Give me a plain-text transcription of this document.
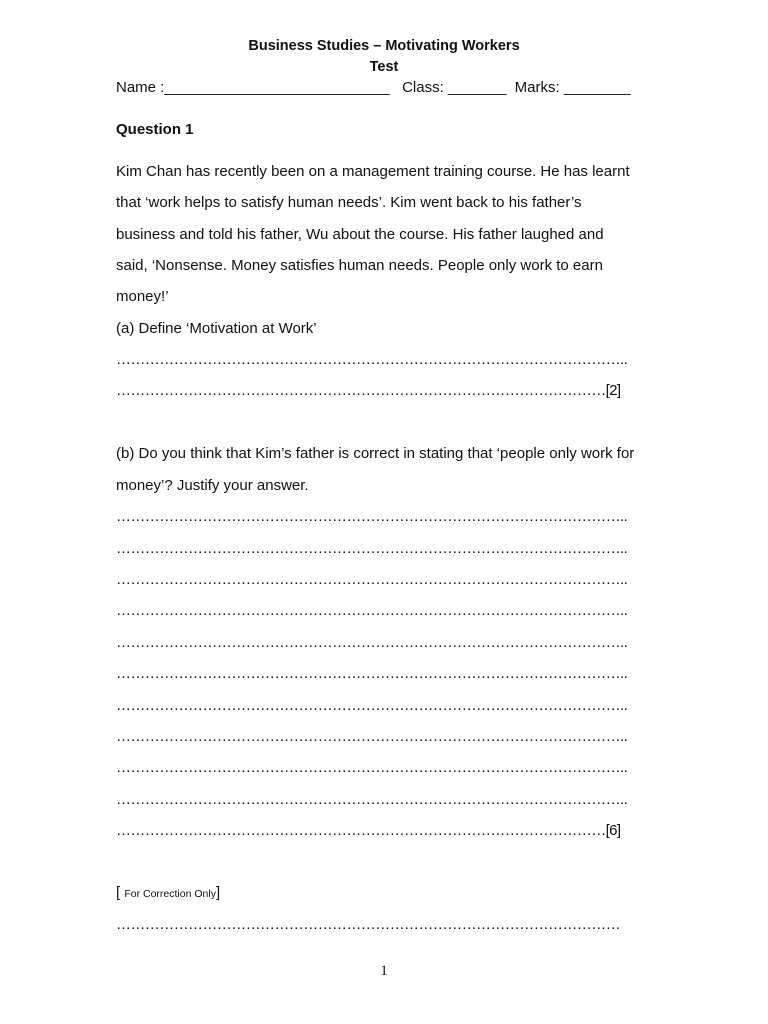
Business Studies – Motivating Workers
Test
Name :___________________________   Class: _______  Marks: ________
Question 1
Kim Chan has recently been on a management training course. He has learnt
that ‘work helps to satisfy human needs’. Kim went back to his father’s
business and told his father, Wu about the course. His father laughed and
said, ‘Nonsense. Money satisfies human needs. People only work to earn
money!’
(a) Define ‘Motivation at Work’
……………………………………………………………………………………………..
…………………………………………………………………………………………[2]
(b) Do you think that Kim’s father is correct in stating that ‘people only work for
money’? Justify your answer.
……………………………………………………………………………………………..
……………………………………………………………………………………………..
……………………………………………………………………………………………..
……………………………………………………………………………………………..
……………………………………………………………………………………………..
……………………………………………………………………………………………..
……………………………………………………………………………………………..
……………………………………………………………………………………………..
……………………………………………………………………………………………..
……………………………………………………………………………………………..
…………………………………………………………………………………………[6]
[ For Correction Only]
……………………………………………………………………………………………
1
